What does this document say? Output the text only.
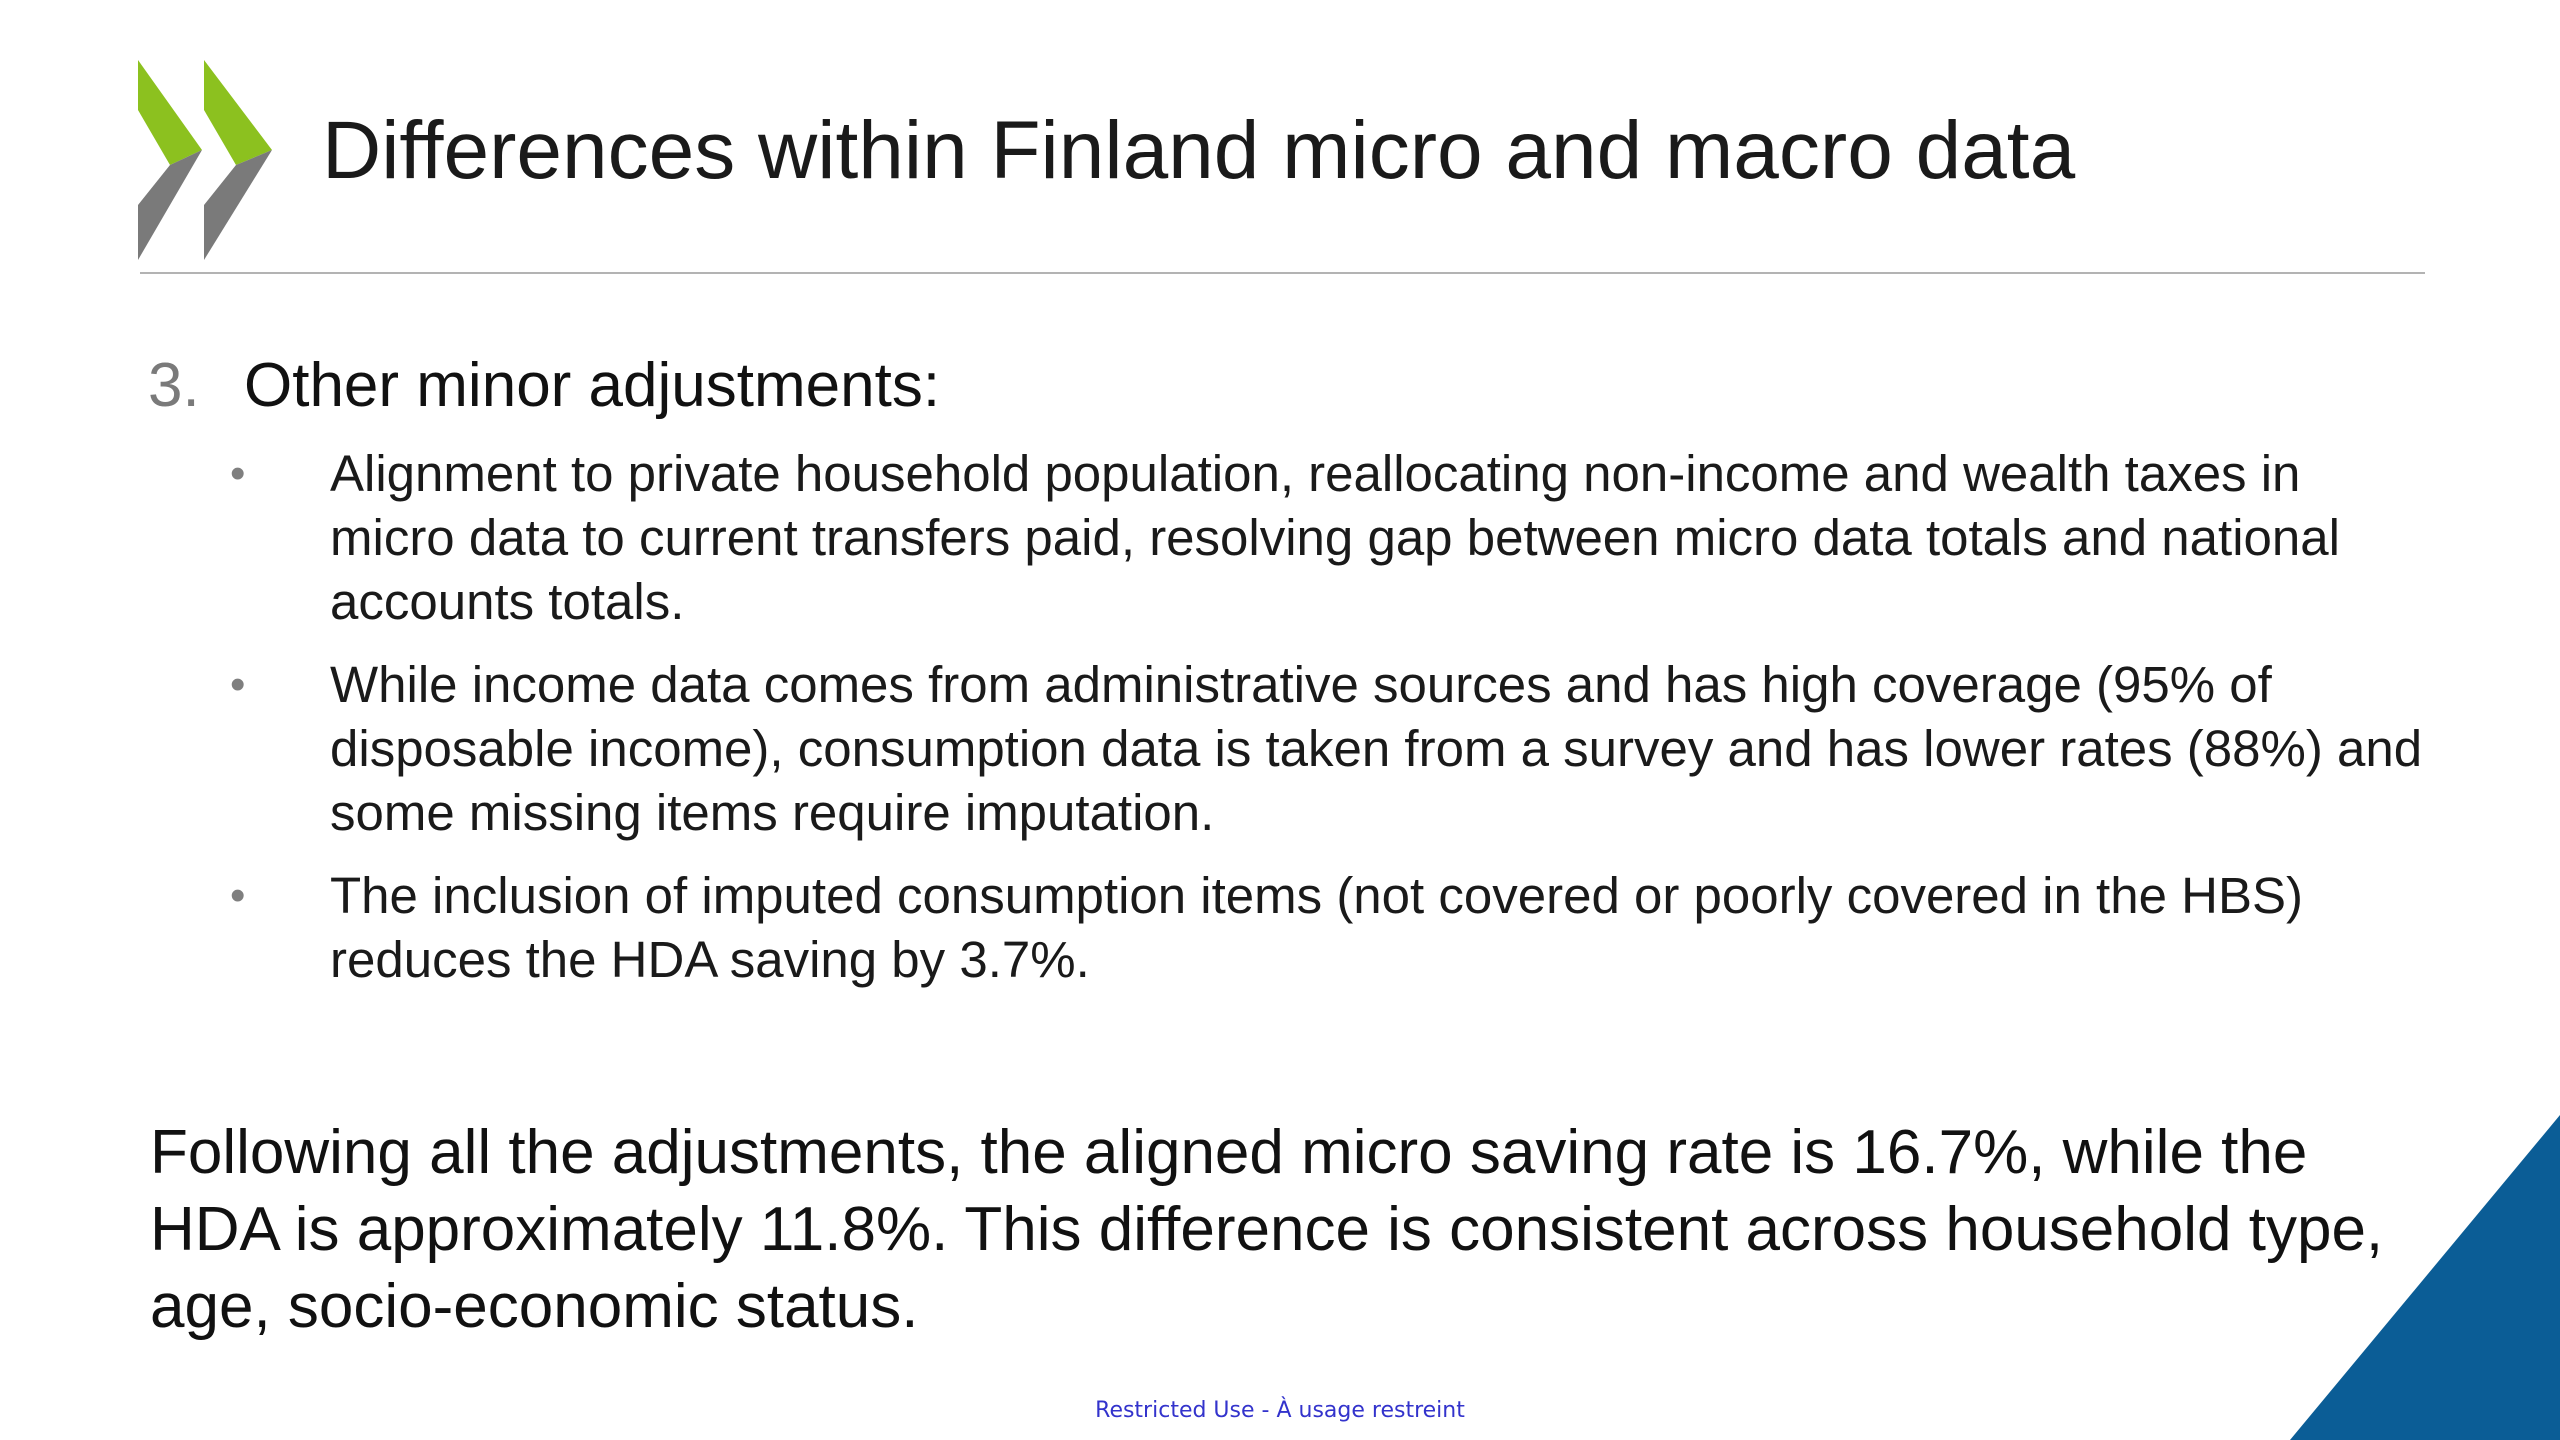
Differences within Finland micro and macro data
3. Other minor adjustments:
• Alignment to private household population, reallocating non-income and wealth taxes in micro data to current transfers paid, resolving gap between micro data totals and national accounts totals.
• While income data comes from administrative sources and has high coverage (95% of disposable income), consumption data is taken from a survey and has lower rates (88%) and some missing items require imputation.
• The inclusion of imputed consumption items (not covered or poorly covered in the HBS) reduces the HDA saving by 3.7%.
Following all the adjustments, the aligned micro saving rate is 16.7%, while the HDA is approximately 11.8%. This difference is consistent across household type, age, socio-economic status.
Restricted Use - À usage restreint
